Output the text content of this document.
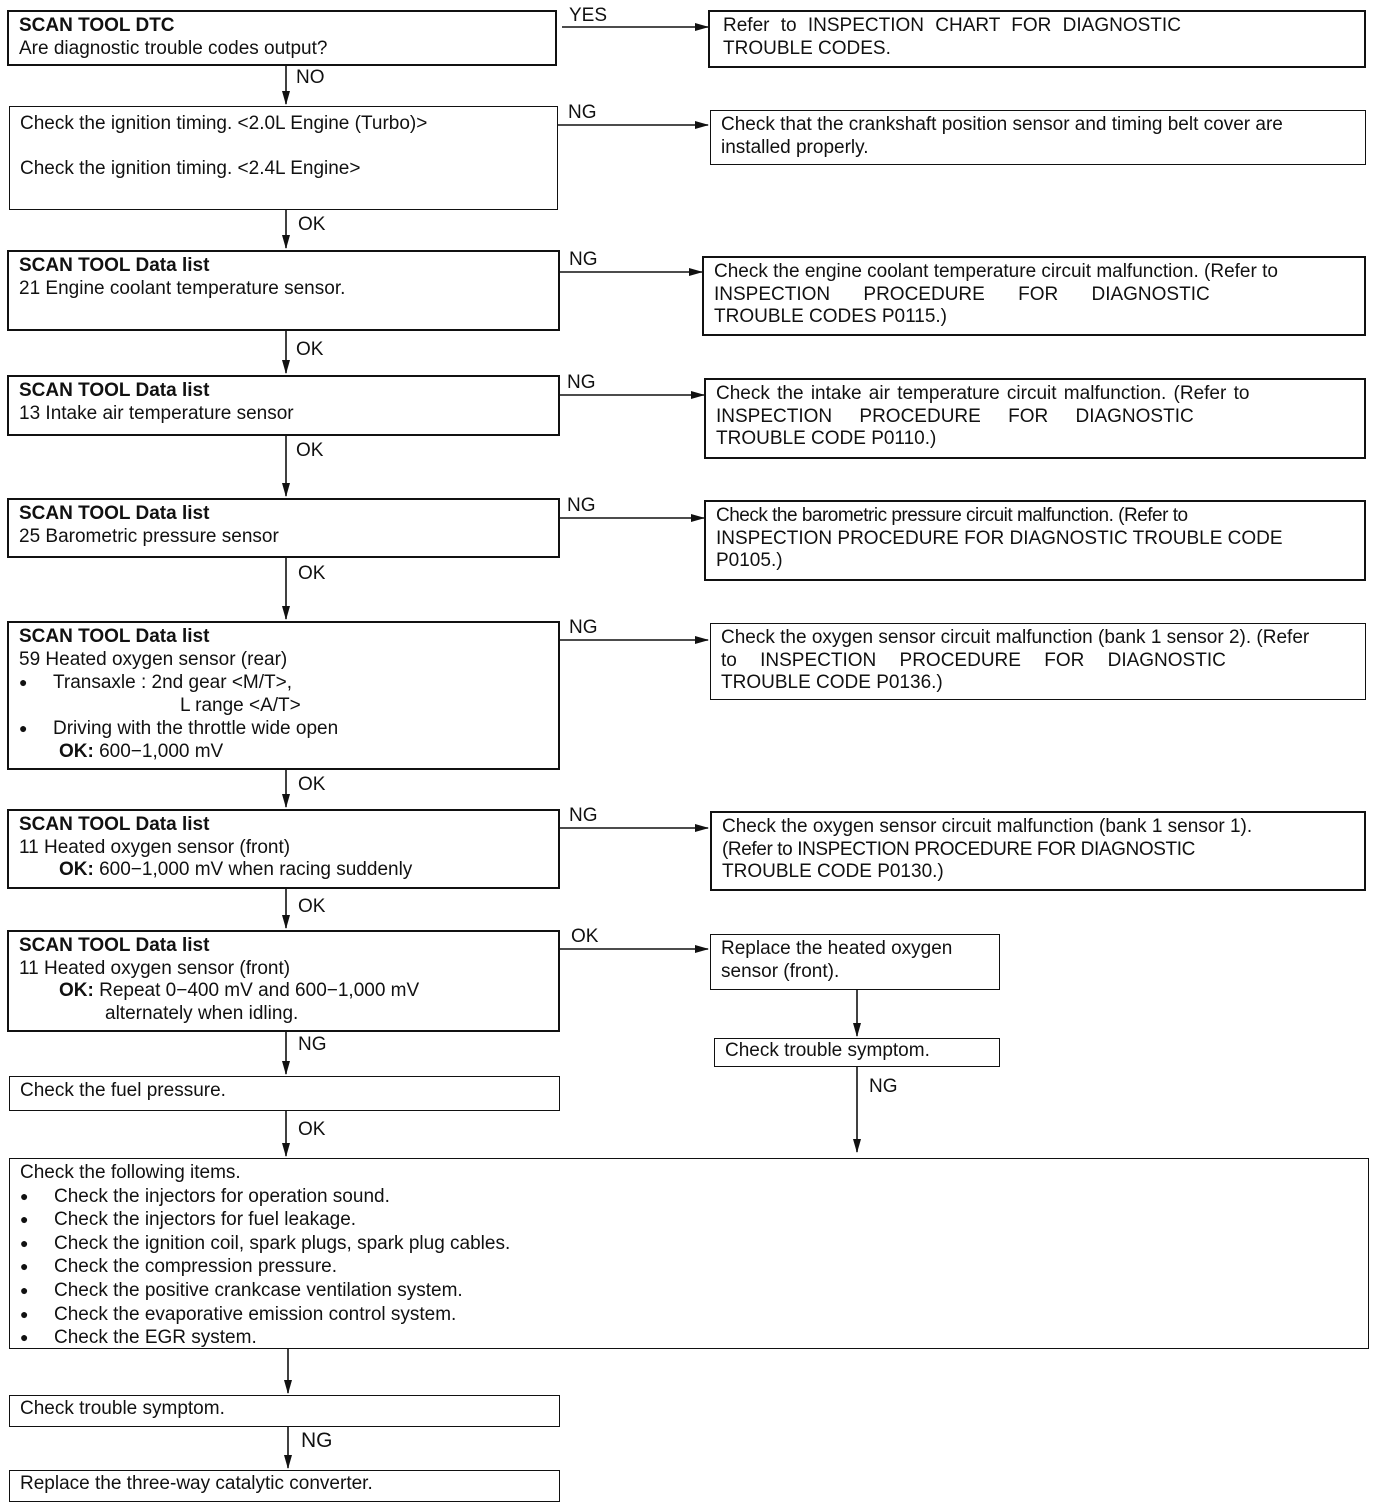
YES
NO
NG
OK
NG
OK
NG
OK
NG
OK
NG
OK
NG
OK
OK
NG
NG
OK
NG
SCAN TOOL DTC
Are diagnostic trouble codes output?
Check the ignition timing. <2.0L Engine (Turbo)>
Check the ignition timing. <2.4L Engine>
SCAN TOOL Data list
21 Engine coolant temperature sensor.
SCAN TOOL Data list
13 Intake air temperature sensor
SCAN TOOL Data list
25 Barometric pressure sensor
SCAN TOOL Data list
59 Heated oxygen sensor (rear)
● Transaxle : 2nd gear <M/T>,
L range <A/T>
● Driving with the throttle wide open
OK: 600−1,000 mV
SCAN TOOL Data list
11 Heated oxygen sensor (front)
OK: 600−1,000 mV when racing suddenly
SCAN TOOL Data list
11 Heated oxygen sensor (front)
OK: Repeat 0−400 mV and 600−1,000 mV
alternately when idling.
Check the fuel pressure.
Refer to INSPECTION CHART FOR DIAGNOSTIC
TROUBLE CODES.
Check that the crankshaft position sensor and timing belt cover are
installed properly.
Check the engine coolant temperature circuit malfunction. (Refer to
INSPECTION PROCEDURE FOR DIAGNOSTIC
TROUBLE CODES P0115.)
Check the intake air temperature circuit malfunction. (Refer to
INSPECTION PROCEDURE FOR DIAGNOSTIC
TROUBLE CODE P0110.)
Check the barometric pressure circuit malfunction. (Refer to
INSPECTION PROCEDURE FOR DIAGNOSTIC TROUBLE CODE
P0105.)
Check the oxygen sensor circuit malfunction (bank 1 sensor 2). (Refer
to INSPECTION PROCEDURE FOR DIAGNOSTIC
TROUBLE CODE P0136.)
Check the oxygen sensor circuit malfunction (bank 1 sensor 1).
(Refer to INSPECTION PROCEDURE FOR DIAGNOSTIC
TROUBLE CODE P0130.)
Replace the heated oxygen
sensor (front).
Check trouble symptom.
Check the following items.
● Check the injectors for operation sound.
● Check the injectors for fuel leakage.
● Check the ignition coil, spark plugs, spark plug cables.
● Check the compression pressure.
● Check the positive crankcase ventilation system.
● Check the evaporative emission control system.
● Check the EGR system.
Check trouble symptom.
Replace the three-way catalytic converter.
